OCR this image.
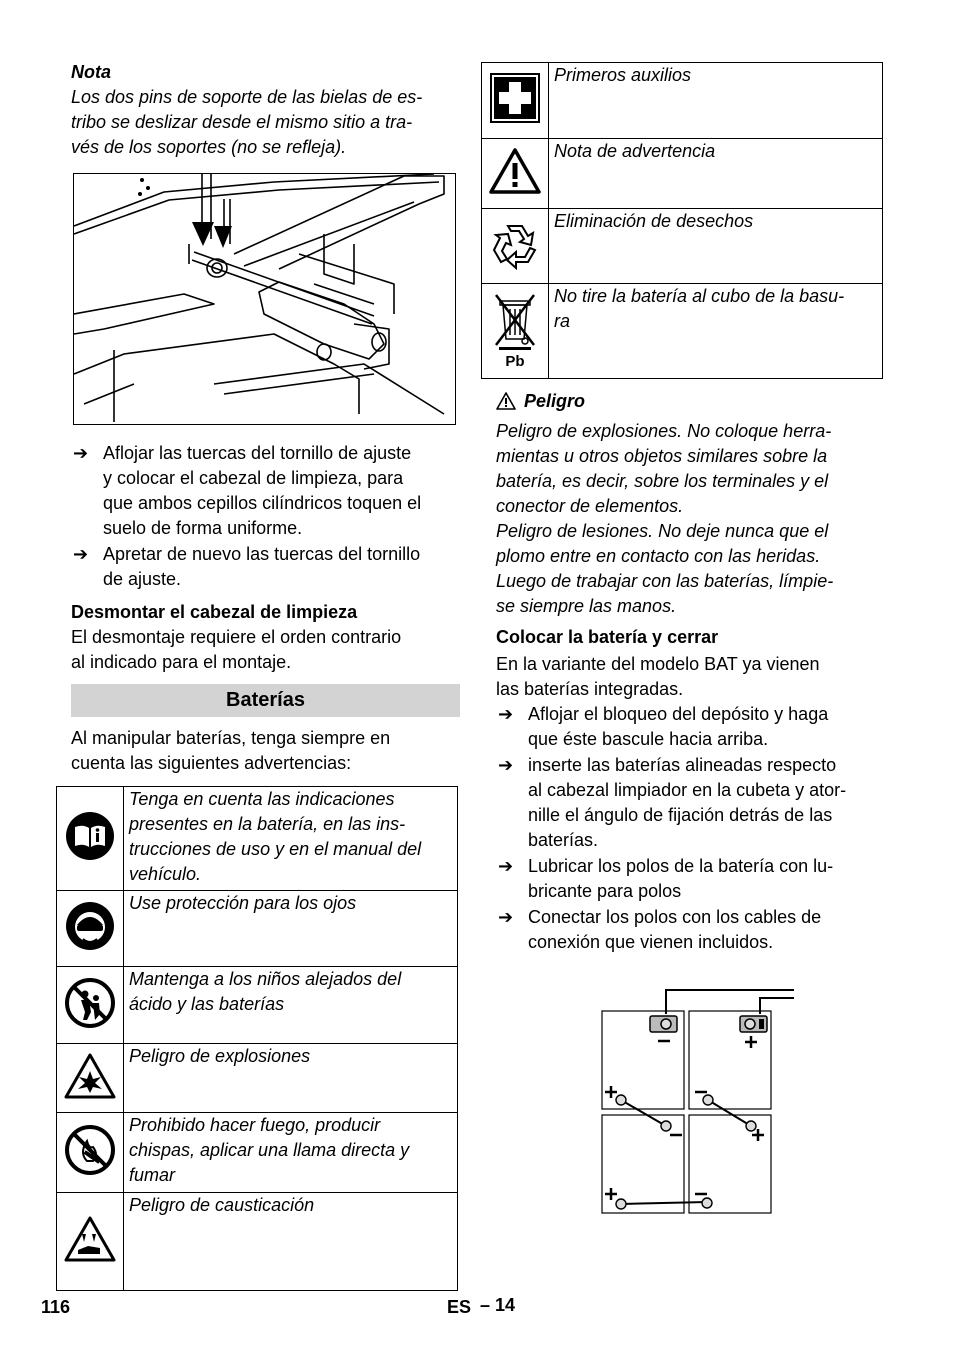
Nota

Los dos pins de soporte de las bielas de es-
tribo se deslizar desde el mismo sitio a tra-
vés de los soportes (no se refleja).

➔ Aflojar las tuercas del tornillo de ajuste
y colocar el cabezal de limpieza, para
que ambos cepillos cilíndricos toquen el
suelo de forma uniforme.
➔ Apretar de nuevo las tuercas del tornillo
de ajuste.
Desmontar el cabezal de limpieza

El desmontaje requiere el orden contrario
al indicado para el montaje.

Baterías

Al manipular baterías, tenga siempre en
cuenta las siguientes advertencias:

	Tenga en cuenta las indicaciones
presentes en la batería, en las ins-
trucciones de uso y en el manual del
vehículo.
	Use protección para los ojos
	Mantenga a los niños alejados del
ácido y las baterías
	Peligro de explosiones
	Prohibido hacer fuego, producir
chispas, aplicar una llama directa y
fumar
	Peligro de causticación
	Primeros auxilios
	Nota de advertencia
	Eliminación de desechos

Pb	No tire la batería al cubo de la basu-
ra
Peligro

Peligro de explosiones. No coloque herra-
mientas u otros objetos similares sobre la
batería, es decir, sobre los terminales y el
conector de elementos.
Peligro de lesiones. No deje nunca que el
plomo entre en contacto con las heridas.
Luego de trabajar con las baterías, límpie-
se siempre las manos.

Colocar la batería y cerrar

En la variante del modelo BAT ya vienen
las baterías integradas.

➔ Aflojar el bloqueo del depósito y haga
que éste bascule hacia arriba.
➔ inserte las baterías alineadas respecto
al cabezal limpiador en la cubeta y ator-
nille el ángulo de fijación detrás de las
baterías.
➔ Lubricar los polos de la batería con lu-
bricante para polos
➔ Conectar los polos con los cables de
conexión que vienen incluidos.
116	ES – 14
